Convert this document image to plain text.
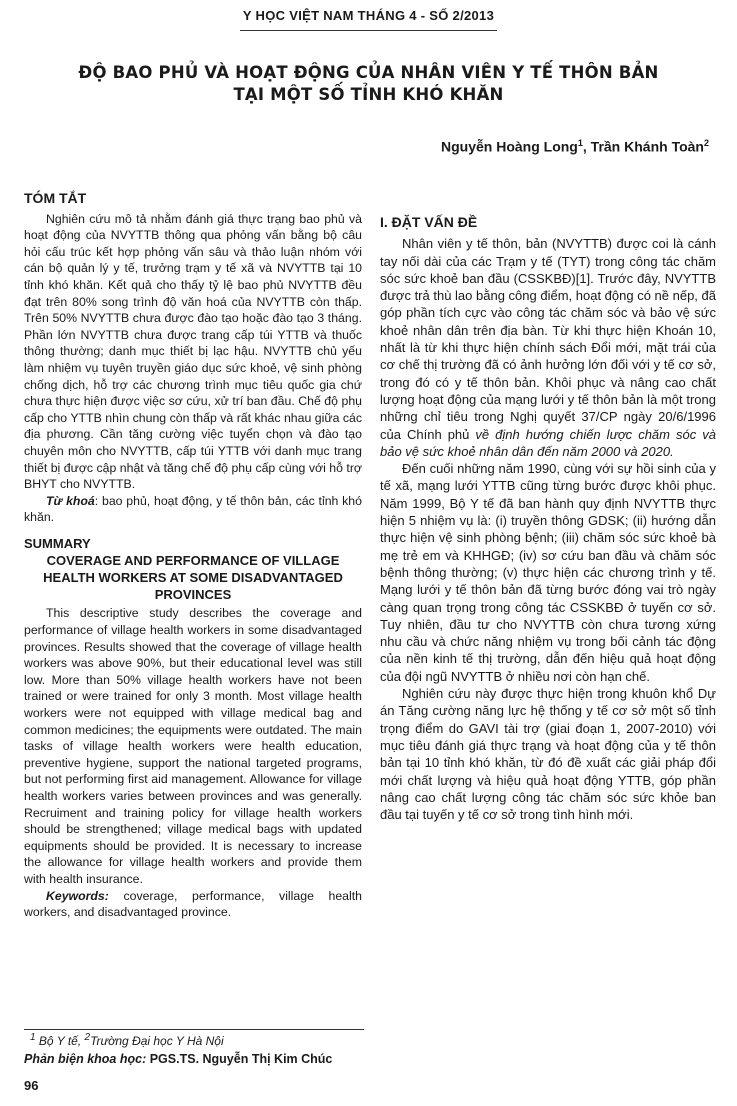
Y HỌC VIỆT NAM THÁNG 4 - SỐ 2/2013
ĐỘ BAO PHỦ VÀ HOẠT ĐỘNG CỦA NHÂN VIÊN Y TẾ THÔN BẢN
TẠI MỘT SỐ TỈNH KHÓ KHĂN
Nguyễn Hoàng Long$^1$, Trần Khánh Toàn$^2$
TÓM TẮT

Nghiên cứu mô tả nhằm đánh giá thực trạng bao phủ và hoạt động của NVYTTB thông qua phỏng vấn bằng bộ câu hỏi cấu trúc kết hợp phỏng vấn sâu và thảo luận nhóm với cán bộ quản lý y tế, trưởng trạm y tế xã và NVYTTB tại 10 tỉnh khó khăn. Kết quả cho thấy tỷ lệ bao phủ NVYTTB đều đạt trên 80% song trình độ văn hoá của NVYTTB còn thấp. Trên 50% NVYTTB chưa được đào tạo hoặc đào tạo 3 tháng. Phần lớn NVYTTB chưa được trang cấp túi YTTB và thuốc thông thường; danh mục thiết bị lạc hậu. NVYTTB chủ yếu làm nhiệm vụ tuyên truyền giáo dục sức khoẻ, vệ sinh phòng chống dịch, hỗ trợ các chương trình mục tiêu quốc gia chứ chưa thực hiện được việc sơ cứu, xử trí ban đầu. Chế độ phụ cấp cho YTTB nhìn chung còn thấp và rất khác nhau giữa các địa phương. Cần tăng cường việc tuyển chọn và đào tạo chuyên môn cho NVYTTB, cấp túi YTTB với danh mục trang thiết bị được cập nhật và tăng chế độ phụ cấp cùng với hỗ trợ BHYT cho NVYTTB.

Từ khoá: bao phủ, hoạt động, y tế thôn bản, các tỉnh khó khăn.

SUMMARY
COVERAGE AND PERFORMANCE OF VILLAGE HEALTH WORKERS AT SOME DISADVANTAGED PROVINCES

This descriptive study describes the coverage and performance of village health workers in some disadvantaged provinces. Results showed that the coverage of village health workers was above 90%, but their educational level was still low. More than 50% village health workers have not been trained or were trained for only 3 month. Most village health workers were not equipped with village medical bag and common medicines; the equipments were outdated. The main tasks of village health workers were health education, preventive hygiene, support the national targeted programs, but not performing first aid management. Allowance for village health workers varies between provinces and was generally. Recruiment and training policy for village health workers should be strengthened; village medical bags with updated equipments should be provided. It is necessary to increase the allowance for village health workers and provide them with health insurance.

Keywords: coverage, performance, village health workers, and disadvantaged province.

I. ĐẶT VẤN ĐỀ

Nhân viên y tế thôn, bản (NVYTTB) được coi là cánh tay nối dài của các Trạm y tế (TYT) trong công tác chăm sóc sức khoẻ ban đầu (CSSKBĐ)[1]. Trước đây, NVYTTB được trả thù lao bằng công điểm, hoạt động có nề nếp, đã góp phần tích cực vào công tác chăm sóc và bảo vệ sức khoẻ nhân dân trên địa bàn. Từ khi thực hiện Khoán 10, nhất là từ khi thực hiện chính sách Đổi mới, mặt trái của cơ chế thị trường đã có ảnh hưởng lớn đối với y tế cơ sở, trong đó có y tế thôn bản. Khôi phục và nâng cao chất lượng hoạt động của mạng lưới y tế thôn bản là một trong những chỉ tiêu trong Nghị quyết 37/CP ngày 20/6/1996 của Chính phủ về định hướng chiến lược chăm sóc và bảo vệ sức khoẻ nhân dân đến năm 2000 và 2020.

Đến cuối những năm 1990, cùng với sự hồi sinh của y tế xã, mạng lưới YTTB cũng từng bước được khôi phục. Năm 1999, Bộ Y tế đã ban hành quy định NVYTTB thực hiện 5 nhiệm vụ là: (i) truyền thông GDSK; (ii) hướng dẫn thực hiện vệ sinh phòng bệnh; (iii) chăm sóc sức khoẻ bà mẹ trẻ em và KHHGĐ; (iv) sơ cứu ban đầu và chăm sóc bệnh thông thường; (v) thực hiện các chương trình y tế. Mạng lưới y tế thôn bản đã từng bước đóng vai trò ngày càng quan trọng trong công tác CSSKBĐ ở tuyến cơ sở. Tuy nhiên, đầu tư cho NVYTTB còn chưa tương xứng nhu cầu và chức năng nhiệm vụ trong bối cảnh tác động của nền kinh tế thị trường, dẫn đến hiệu quả hoạt động của đội ngũ NVYTTB ở nhiều nơi còn hạn chế.

Nghiên cứu này được thực hiện trong khuôn khổ Dự án Tăng cường năng lực hệ thống y tế cơ sở một số tỉnh trọng điểm do GAVI tài trợ (giai đoạn 1, 2007-2010) với mục tiêu đánh giá thực trạng và hoạt động của y tế thôn bản tại 10 tỉnh khó khăn, từ đó đề xuất các giải pháp đổi mới chất lượng và hiệu quả hoạt động YTTB, góp phần nâng cao chất lượng công tác chăm sóc sức khỏe ban đầu tại tuyến y tế cơ sở trong tình hình mới.

$^1$ Bộ Y tế, $^2$Trường Đại học Y Hà Nội
Phản biện khoa học: PGS.TS. Nguyễn Thị Kim Chúc
96
